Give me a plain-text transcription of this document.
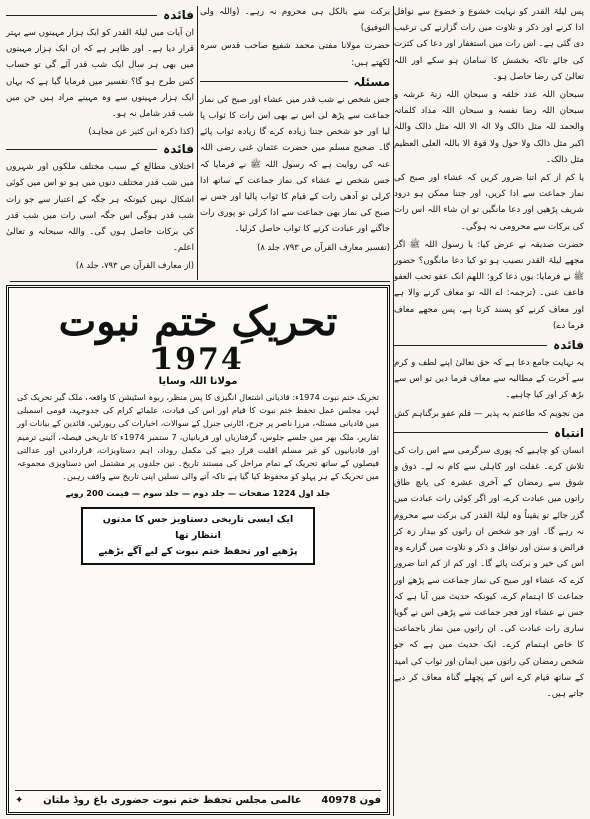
پس لیلۃ القدر کو نہایت خشوع و خضوع سے نوافل ادا کرنے اور ذکر و تلاوت میں رات گزارنے کی ترغیب دی گئی ہے۔ اس رات میں استغفار اور دعا کی کثرت کی جائے تاکہ بخشش کا سامان ہو سکے اور اللہ تعالیٰ کی رضا حاصل ہو۔

سبحان اللہ عدد خلقہ و سبحان اللہ زنۃ عرشہ و سبحان اللہ رضا نفسہ و سبحان اللہ مداد کلماتہ والحمد للہ مثل ذالک ولا الہ الا اللہ مثل ذالک واللہ اکبر مثل ذالک ولا حول ولا قوۃ الا باللہ العلی العظیم مثل ذالک۔

یا کم از کم اتنا ضرور کریں کہ عشاء اور صبح کی نماز جماعت سے ادا کریں، اور جتنا ممکن ہو درود شریف پڑھیں اور دعا مانگیں تو ان شاء اللہ اس رات کی برکات سے محرومی نہ ہوگی۔

حضرت صدیقہ نے عرض کیا: یا رسول اللہ ﷺ اگر مجھے لیلۃ القدر نصیب ہو تو کیا دعا مانگوں؟ حضور ﷺ نے فرمایا: یوں دعا کرو: اللھم انک عفو تحب العفو فاعف عنی۔ (ترجمہ: اے اللہ تو معاف کرنے والا ہے اور معاف کرنے کو پسند کرتا ہے، پس مجھے معاف فرما دے)

فائدہ

یہ نہایت جامع دعا ہے کہ حق تعالیٰ اپنے لطف و کرم سے آخرت کے مطالبہ سے معاف فرما دیں تو اس سے بڑھ کر اور کیا چاہیے۔

من نجویم کہ طاعتم بہ پذیر — قلم عفو برگناہم کش

انتباہ

انسان کو چاہیے کہ پوری سرگرمی سے اس رات کی تلاش کرے۔ غفلت اور کاہلی سے کام نہ لے۔ ذوق و شوق سے رمضان کے آخری عشرہ کی پانچ طاق راتوں میں عبادت کرے، اور اگر کوئی رات عبادت میں گزر جائے تو یقیناً وہ لیلۃ القدر کی برکت سے محروم نہ رہے گا۔ اور جو شخص ان راتوں کو بیدار رہ کر فرائض و سنن اور نوافل و ذکر و تلاوت میں گزارے وہ اس کی خیر و برکت پائے گا۔ اور کم از کم اتنا ضرور کرے کہ عشاء اور صبح کی نماز جماعت سے پڑھے اور جماعت کا اہتمام کرے، کیونکہ حدیث میں آیا ہے کہ جس نے عشاء اور فجر جماعت سے پڑھی اس نے گویا ساری رات عبادت کی۔ ان راتوں میں نماز باجماعت کا خاص اہتمام کرے۔ ایک حدیث میں ہے کہ جو شخص رمضان کی راتوں میں ایمان اور ثواب کی امید کے ساتھ قیام کرے اس کے پچھلے گناہ معاف کر دیے جاتے ہیں۔

برکت سے بالکل ہی محروم نہ رہے۔ (واللہ ولی التوفیق)

حضرت مولانا مفتی محمد شفیع صاحب قدس سرہ لکھتے ہیں:

مسئلہ

جس شخص نے شب قدر میں عشاء اور صبح کی نماز جماعت سے پڑھ لی اس نے بھی اس رات کا ثواب پا لیا اور جو شخص جتنا زیادہ کرے گا زیادہ ثواب پائے گا۔ صحیح مسلم میں حضرت عثمان غنی رضی اللہ عنہ کی روایت ہے کہ رسول اللہ ﷺ نے فرمایا کہ جس شخص نے عشاء کی نماز جماعت کے ساتھ ادا کرلی تو آدھی رات کے قیام کا ثواب پالیا اور جس نے صبح کی نماز بھی جماعت سے ادا کرلی تو پوری رات جاگنے اور عبادت کرنے کا ثواب حاصل کرلیا۔

(تفسیر معارف القرآن ص ۷۹۳، جلد ۸)

فائدہ

ان آیات میں لیلۃ القدر کو ایک ہزار مہینوں سے بہتر قرار دیا ہے۔ اور ظاہر ہے کہ ان ایک ہزار مہینوں میں بھی ہر سال ایک شب قدر آئے گی تو حساب کس طرح ہو گا؟ تفسیر میں فرمایا گیا ہے کہ یہاں ایک ہزار مہینوں سے وہ مہینے مراد ہیں جن میں شب قدر شامل نہ ہو۔

(کذا ذکرہ ابن کثیر عن مجاہد)

فائدہ

اختلاف مطالع کے سبب مختلف ملکوں اور شہروں میں شب قدر مختلف دنوں میں ہو تو اس میں کوئی اشکال نہیں کیونکہ ہر جگہ کے اعتبار سے جو رات شب قدر ہوگی اس جگہ اسی رات میں شب قدر کی برکات حاصل ہوں گی۔ واللہ سبحانہ و تعالیٰ اعلم۔

(از معارف القرآن ص ۷۹۳، جلد ۸)

تحریکِ ختمِ نبوت
1974
مولانا اللہ وسایا
تحریک ختم نبوت 1974ء: قادیانی اشتعال انگیزی کا پس منظر، ربوہ اسٹیشن کا واقعہ، ملک گیر تحریک کی لہر، مجلس عمل تحفظ ختم نبوت کا قیام اور اس کی قیادت، علمائے کرام کی جدوجہد، قومی اسمبلی میں قادیانی مسئلہ، مرزا ناصر پر جرح، اٹارنی جنرل کے سوالات، اخبارات کی رپورٹیں، قائدین کے بیانات اور تقاریر، ملک بھر میں جلسے جلوس، گرفتاریاں اور قربانیاں، 7 ستمبر 1974ء کا تاریخی فیصلہ، آئینی ترمیم اور قادیانیوں کو غیر مسلم اقلیت قرار دینے کی مکمل روداد، اہم دستاویزات، قراردادیں اور عدالتی فیصلوں کے ساتھ تحریک کے تمام مراحل کی مستند تاریخ۔ تین جلدوں پر مشتمل اس دستاویزی مجموعہ میں تحریک کے ہر پہلو کو محفوظ کیا گیا ہے تاکہ آنے والی نسلیں اپنی تاریخ سے واقف رہیں۔
جلد اول 1224 صفحات — جلد دوم — جلد سوم — قیمت 200 روپے
ایک ایسی تاریخی دستاویز جس کا مدتوں انتظار تھا
پڑھیے اور تحفظ ختم نبوت کے لیے آگے بڑھیے
فون 40978
عالمی مجلس تحفظ ختم نبوت حضوری باغ روڈ ملتان
✦
